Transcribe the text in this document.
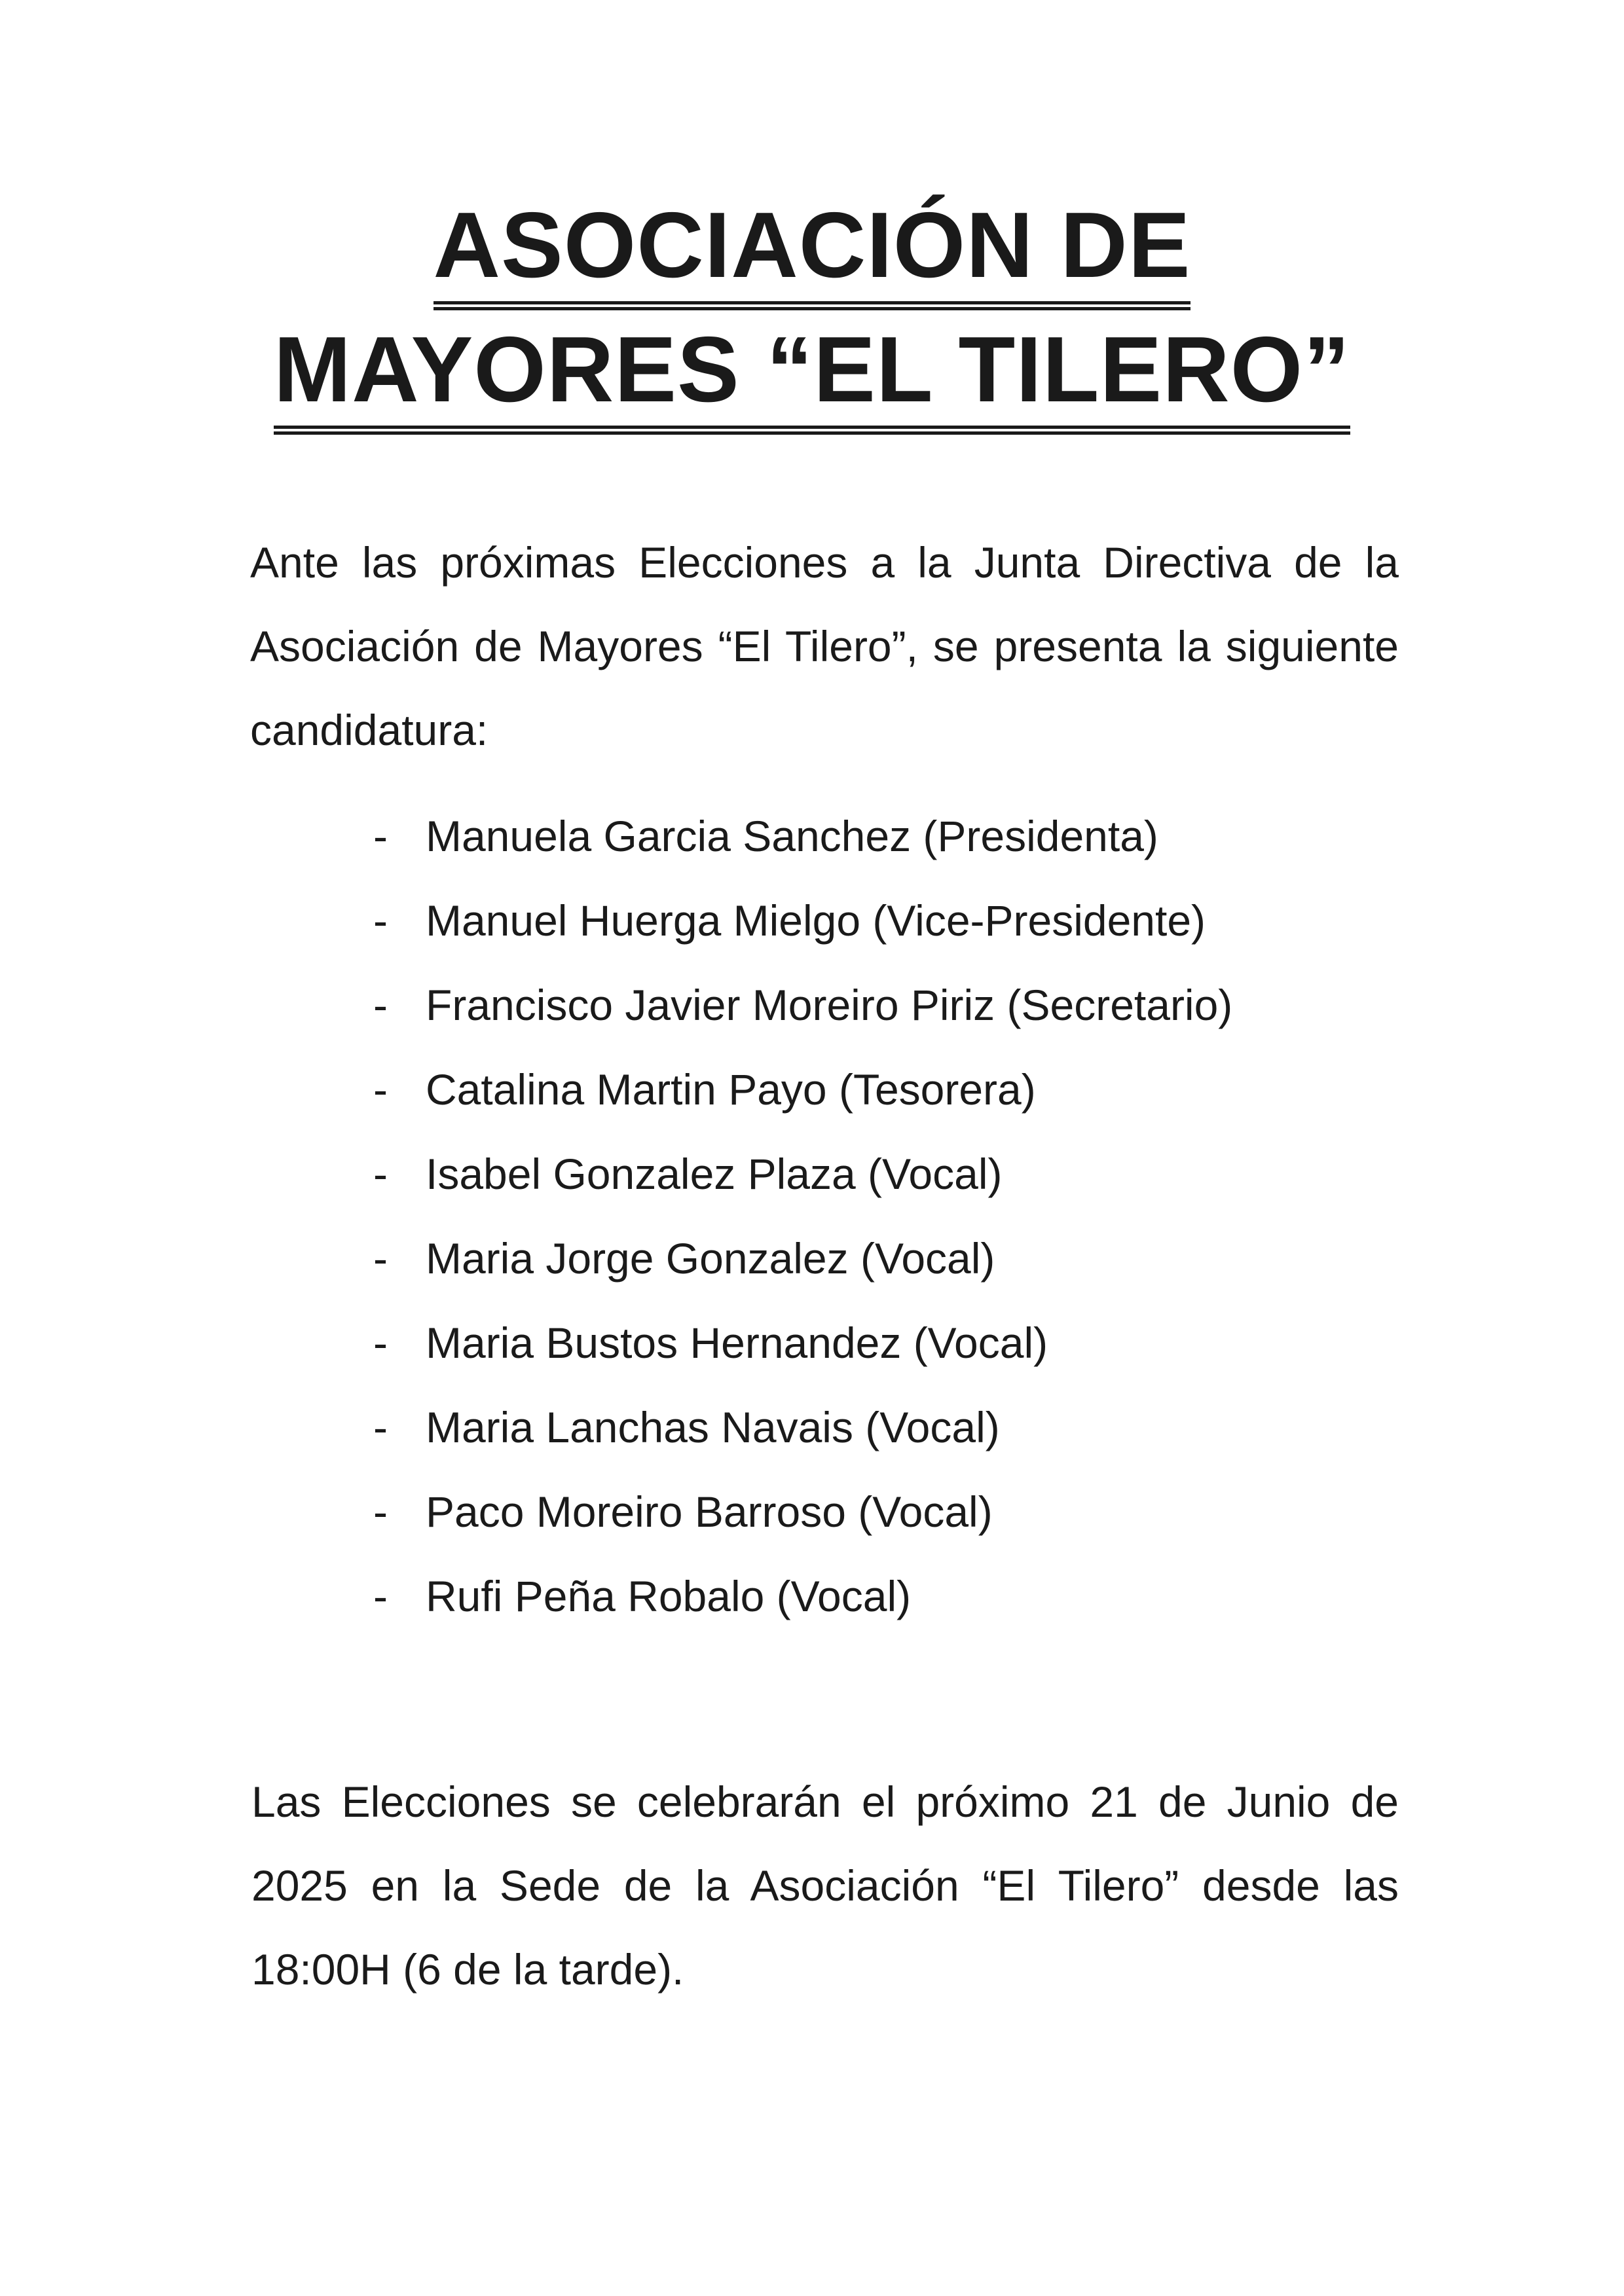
ASOCIACIÓN DE
MAYORES “EL TILERO”

Ante las próximas Elecciones a la Junta Directiva de la Asociación de Mayores “El Tilero”, se presenta la siguiente candidatura:

- Manuela Garcia Sanchez (Presidenta)
- Manuel Huerga Mielgo (Vice-Presidente)
- Francisco Javier Moreiro Piriz (Secretario)
- Catalina Martin Payo (Tesorera)
- Isabel Gonzalez Plaza (Vocal)
- Maria Jorge Gonzalez (Vocal)
- Maria Bustos Hernandez (Vocal)
- Maria Lanchas Navais (Vocal)
- Paco Moreiro Barroso (Vocal)
- Rufi Peña Robalo (Vocal)

Las Elecciones se celebrarán el próximo 21 de Junio de 2025 en la Sede de la Asociación “El Tilero” desde las 18:00H (6 de la tarde).
